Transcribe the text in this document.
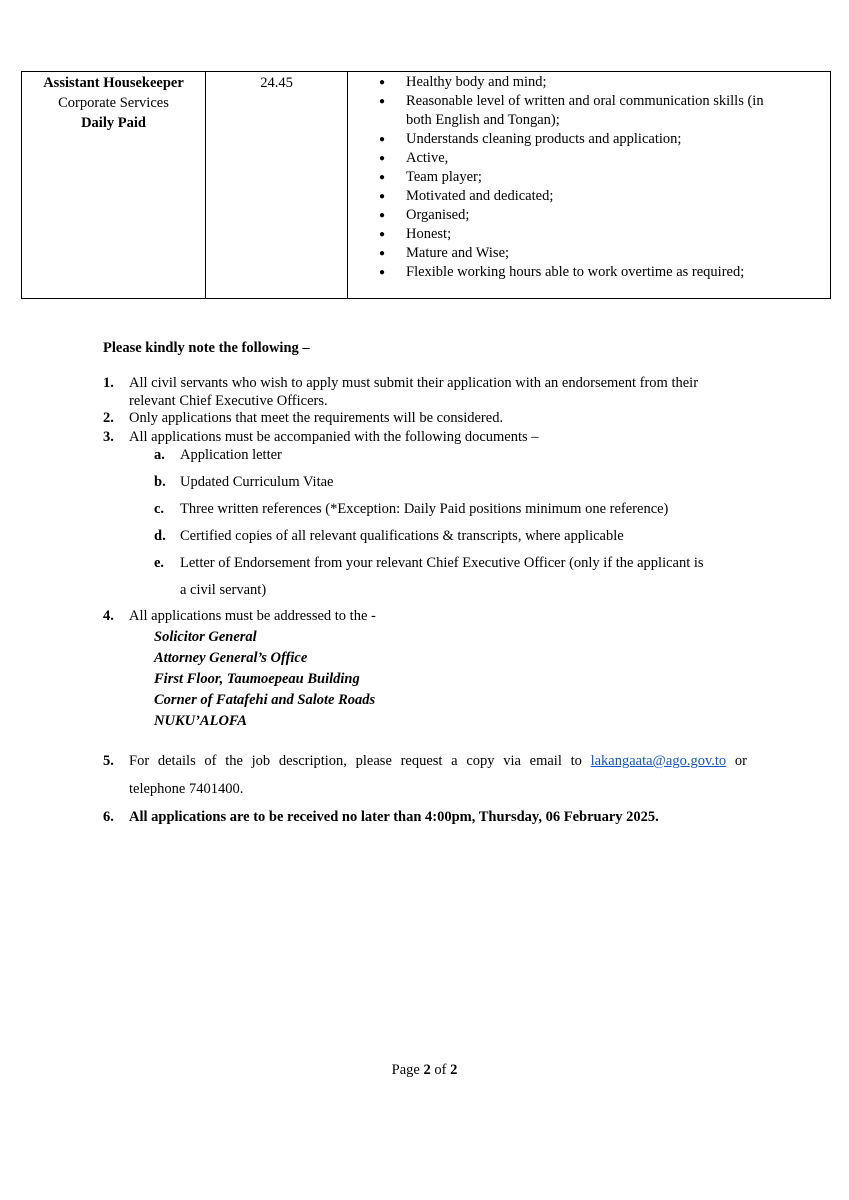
Assistant Housekeeper
Corporate Services
Daily Paid

24.45	● Healthy body and mind;
● Reasonable level of written and oral communication skills (in
both English and Tongan);
● Understands cleaning products and application;
● Active,
● Team player;
● Motivated and dedicated;
● Organised;
● Honest;
● Mature and Wise;
● Flexible working hours able to work overtime as required;
Please kindly note the following –
1. All civil servants who wish to apply must submit their application with an endorsement from their
relevant Chief Executive Officers.
2. Only applications that meet the requirements will be considered.
3. All applications must be accompanied with the following documents –
a. Application letter
b. Updated Curriculum Vitae
c. Three written references (*Exception: Daily Paid positions minimum one reference)
d. Certified copies of all relevant qualifications & transcripts, where applicable
e. Letter of Endorsement from your relevant Chief Executive Officer (only if the applicant is
a civil servant)
4. All applications must be addressed to the -
Solicitor General
Attorney General’s Office
First Floor, Taumoepeau Building
Corner of Fatafehi and Salote Roads
NUKU’ALOFA
5. For details of the job description, please request a copy via email to lakangaata@ago.gov.to or
telephone 7401400.
6. All applications are to be received no later than 4:00pm, Thursday, 06 February 2025.
Page 2 of 2
